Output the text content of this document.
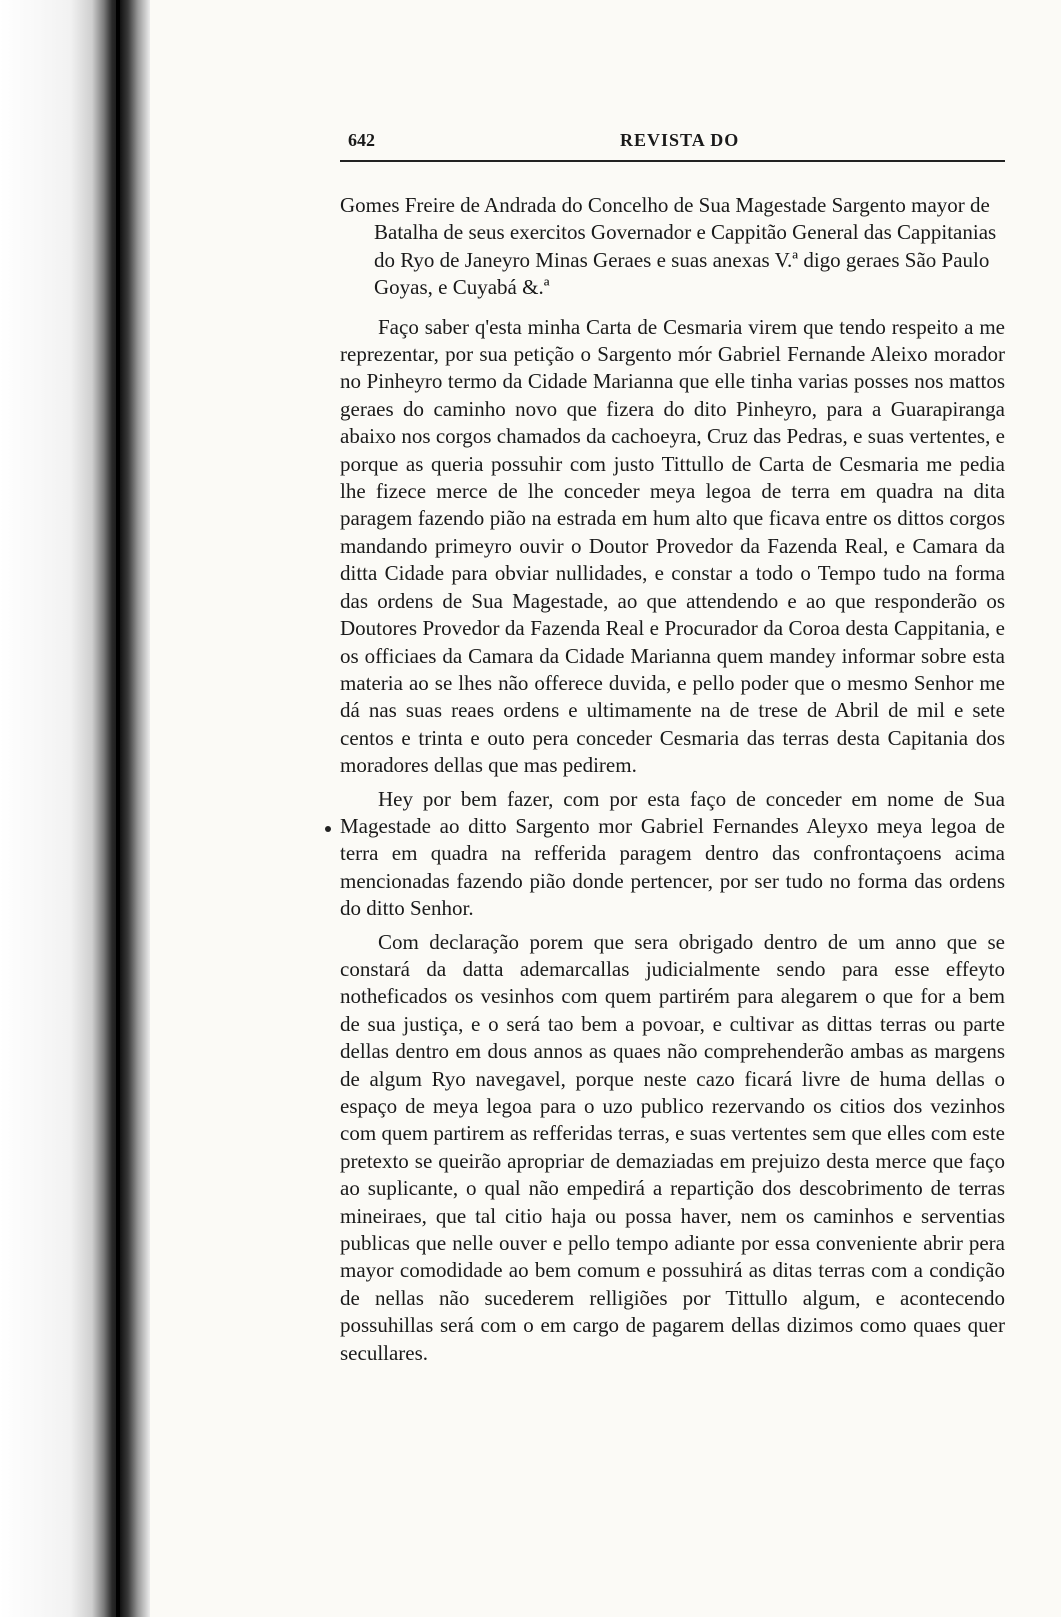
642	REVISTA DO

Gomes Freire de Andrada do Concelho de Sua Magestade Sargento mayor de Batalha de seus exercitos Governador e Cappitão General das Cappitanias do Ryo de Janeyro Minas Geraes e suas anexas V.ª digo geraes São Paulo Goyas, e Cuyabá &.ª

Faço saber q'esta minha Carta de Cesmaria virem que tendo respeito a me reprezentar, por sua petição o Sargento mór Gabriel Fernande Aleixo morador no Pinheyro termo da Cidade Marianna que elle tinha varias posses nos mattos geraes do caminho novo que fizera do dito Pinheyro, para a Guarapiranga abaixo nos corgos chamados da cachoeyra, Cruz das Pedras, e suas vertentes, e porque as queria possuhir com justo Tittullo de Carta de Cesmaria me pedia lhe fizece merce de lhe conceder meya legoa de terra em quadra na dita paragem fazendo pião na estrada em hum alto que ficava entre os dittos corgos mandando primeyro ouvir o Doutor Provedor da Fazenda Real, e Camara da ditta Cidade para obviar nullidades, e constar a todo o Tempo tudo na forma das ordens de Sua Magestade, ao que attendendo e ao que responderão os Doutores Provedor da Fazenda Real e Procurador da Coroa desta Cappitania, e os officiaes da Camara da Cidade Marianna quem mandey informar sobre esta materia ao se lhes não offerece duvida, e pello poder que o mesmo Senhor me dá nas suas reaes ordens e ultimamente na de trese de Abril de mil e sete centos e trinta e outo pera conceder Cesmaria das terras desta Capitania dos moradores dellas que mas pedirem.

Hey por bem fazer, com por esta faço de conceder em nome de Sua Magestade ao ditto Sargento mor Gabriel Fernandes Aleyxo meya legoa de terra em quadra na refferida paragem dentro das confrontaçoens acima mencionadas fazendo pião donde pertencer, por ser tudo no forma das ordens do ditto Senhor.

Com declaração porem que sera obrigado dentro de um anno que se constará da datta ademarcallas judicialmente sendo para esse effeyto notheficados os vesinhos com quem partirém para alegarem o que for a bem de sua justiça, e o será tao bem a povoar, e cultivar as dittas terras ou parte dellas dentro em dous annos as quaes não comprehenderão ambas as margens de algum Ryo navegavel, porque neste cazo ficará livre de huma dellas o espaço de meya legoa para o uzo publico rezervando os citios dos vezinhos com quem partirem as refferidas terras, e suas vertentes sem que elles com este pretexto se queirão apropriar de demaziadas em prejuizo desta merce que faço ao suplicante, o qual não empedirá a repartição dos descobrimento de terras mineiraes, que tal citio haja ou possa haver, nem os caminhos e serventias publicas que nelle ouver e pello tempo adiante por essa conveniente abrir pera mayor comodidade ao bem comum e possuhirá as ditas terras com a condição de nellas não sucederem relligiões por Tittullo algum, e acontecendo possuhillas será com o em cargo de pagarem dellas dizimos como quaes quer secullares.
